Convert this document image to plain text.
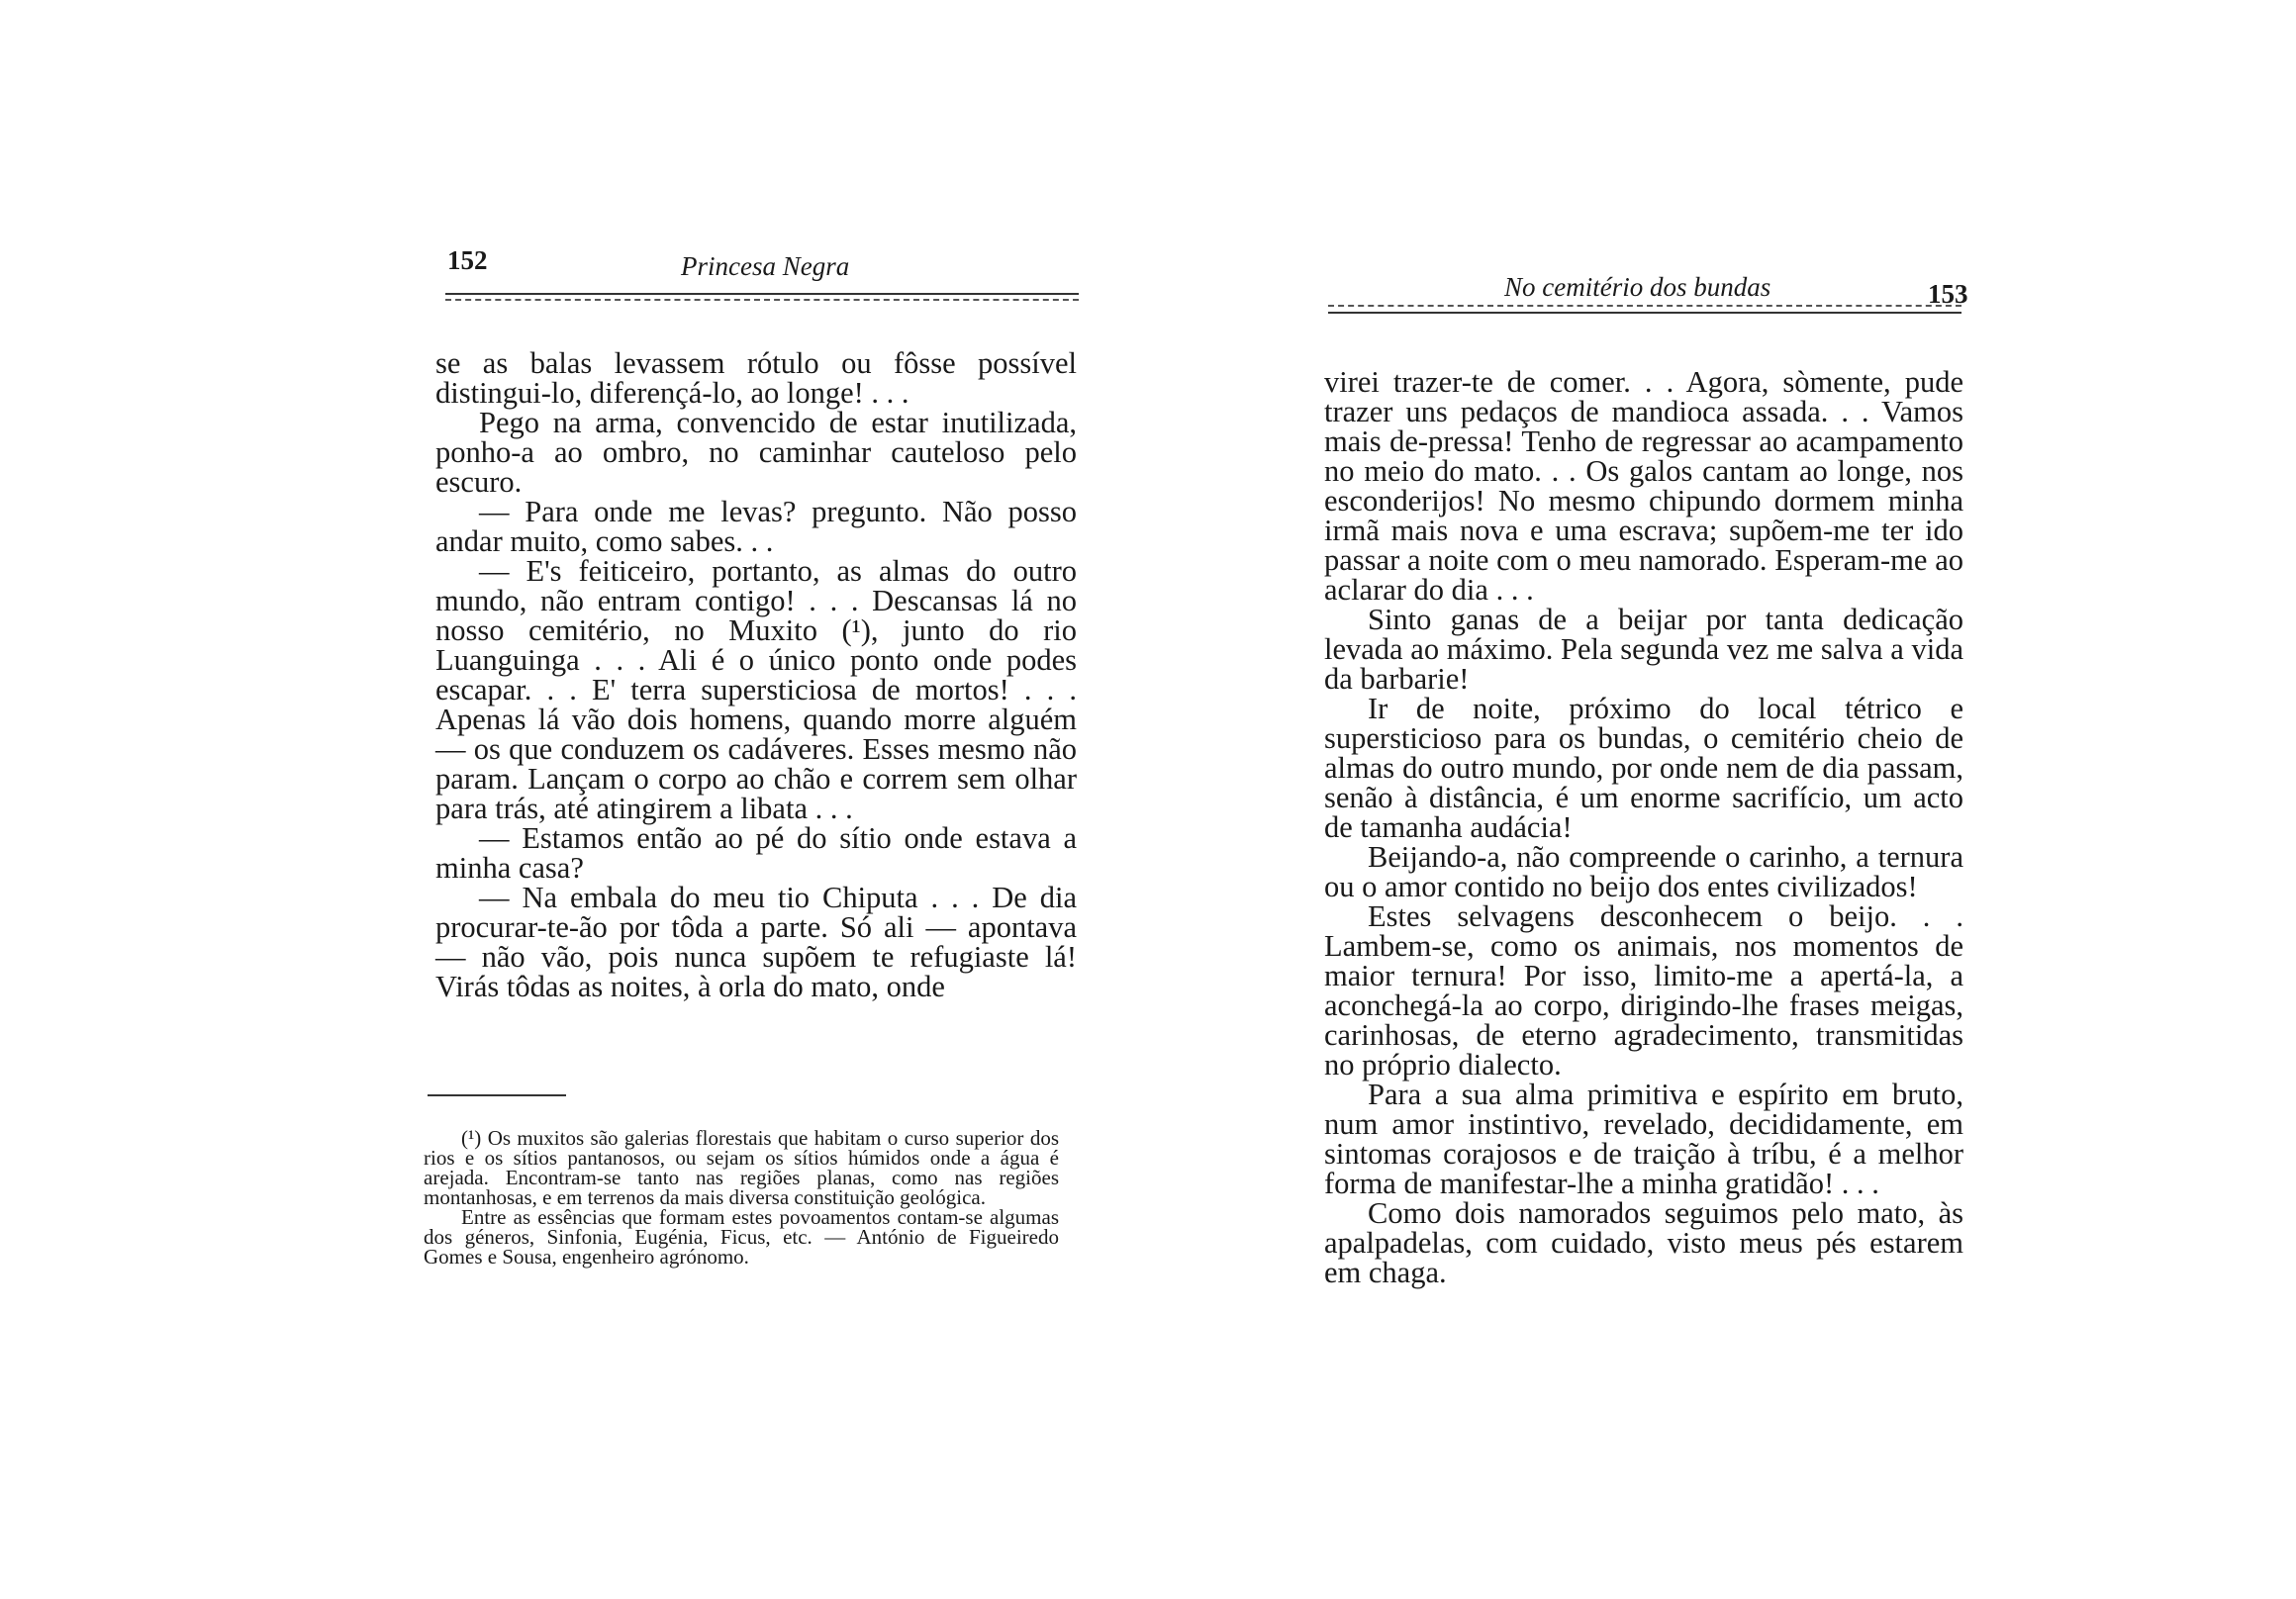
152	Princesa Negra

se as balas levassem rótulo ou fôsse possível distingui-lo, diferençá-lo, ao longe! . . .

Pego na arma, convencido de estar inutilizada, ponho-a ao ombro, no caminhar cauteloso pelo escuro.

— Para onde me levas? pregunto. Não posso andar muito, como sabes. . .

— E's feiticeiro, portanto, as almas do outro mundo, não entram contigo! . . . Descansas lá no nosso cemitério, no Muxito (¹), junto do rio Luanguinga . . . Ali é o único ponto onde podes escapar. . . E' terra supersticiosa de mortos! . . . Apenas lá vão dois homens, quando morre alguém — os que conduzem os cadáveres. Esses mesmo não param. Lançam o corpo ao chão e correm sem olhar para trás, até atingirem a libata . . .

— Estamos então ao pé do sítio onde estava a minha casa?

— Na embala do meu tio Chiputa . . . De dia procurar-te-ão por tôda a parte. Só ali — apontava — não vão, pois nunca supõem te refugiaste lá! Virás tôdas as noites, à orla do mato, onde

(¹) Os muxitos são galerias florestais que habitam o curso superior dos rios e os sítios pantanosos, ou sejam os sítios húmidos onde a água é arejada. Encontram-se tanto nas regiões planas, como nas regiões montanhosas, e em terrenos da mais diversa constituição geológica.

Entre as essências que formam estes povoamentos contam-se algumas dos géneros, Sinfonia, Eugénia, Ficus, etc. — António de Figueiredo Gomes e Sousa, engenheiro agrónomo.

No cemitério dos bundas	153

virei trazer-te de comer. . . Agora, sòmente, pude trazer uns pedaços de mandioca assada. . . Vamos mais de-pressa! Tenho de regressar ao acampamento no meio do mato. . . Os galos cantam ao longe, nos esconderijos! No mesmo chipundo dormem minha irmã mais nova e uma escrava; supõem-me ter ido passar a noite com o meu namorado. Esperam-me ao aclarar do dia . . .

Sinto ganas de a beijar por tanta dedicação levada ao máximo. Pela segunda vez me salva a vida da barbarie!

Ir de noite, próximo do local tétrico e supersticioso para os bundas, o cemitério cheio de almas do outro mundo, por onde nem de dia passam, senão à distância, é um enorme sacrifício, um acto de tamanha audácia!

Beijando-a, não compreende o carinho, a ternura ou o amor contido no beijo dos entes civilizados!

Estes selvagens desconhecem o beijo. . . Lambem-se, como os animais, nos momentos de maior ternura! Por isso, limito-me a apertá-la, a aconchegá-la ao corpo, dirigindo-lhe frases meigas, carinhosas, de eterno agradecimento, transmitidas no próprio dialecto.

Para a sua alma primitiva e espírito em bruto, num amor instintivo, revelado, decididamente, em sintomas corajosos e de traição à tríbu, é a melhor forma de manifestar-lhe a minha gratidão! . . .

Como dois namorados seguimos pelo mato, às apalpadelas, com cuidado, visto meus pés estarem em chaga.
